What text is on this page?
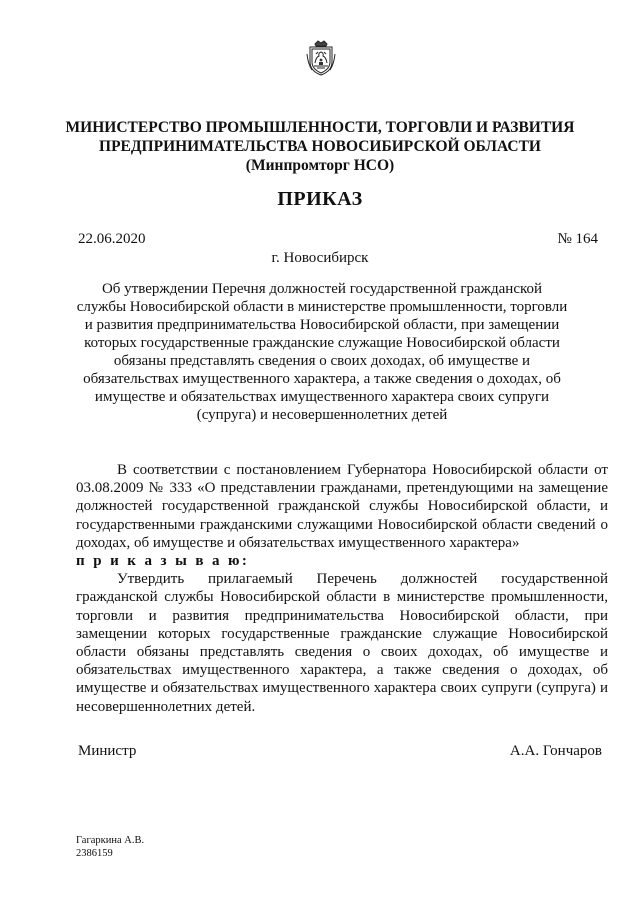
МИНИСТЕРСТВО ПРОМЫШЛЕННОСТИ, ТОРГОВЛИ И РАЗВИТИЯ
ПРЕДПРИНИМАТЕЛЬСТВА НОВОСИБИРСКОЙ ОБЛАСТИ
(Минпромторг НСО)
ПРИКАЗ
22.06.2020	№ 164
г. Новосибирск
Об утверждении Перечня должностей государственной гражданской службы Новосибирской области в министерстве промышленности, торговли и развития предпринимательства Новосибирской области, при замещении которых государственные гражданские служащие Новосибирской области обязаны представлять сведения о своих доходах, об имуществе и обязательствах имущественного характера, а также сведения о доходах, об имуществе и обязательствах имущественного характера своих супруги (супруга) и несовершеннолетних детей

В соответствии с постановлением Губернатора Новосибирской области от 03.08.2009 № 333 «О представлении гражданами, претендующими на замещение должностей государственной гражданской службы Новосибирской области, и государственными гражданскими служащими Новосибирской области сведений о доходах, об имуществе и обязательствах имущественного характера»

п р и к а з ы в а ю:

Утвердить прилагаемый Перечень должностей государственной гражданской службы Новосибирской области в министерстве промышленности, торговли и развития предпринимательства Новосибирской области, при замещении которых государственные гражданские служащие Новосибирской области обязаны представлять сведения о своих доходах, об имуществе и обязательствах имущественного характера, а также сведения о доходах, об имуществе и обязательствах имущественного характера своих супруги (супруга) и несовершеннолетних детей.

Министр	А.А. Гончаров
Гагаркина А.В.
2386159
